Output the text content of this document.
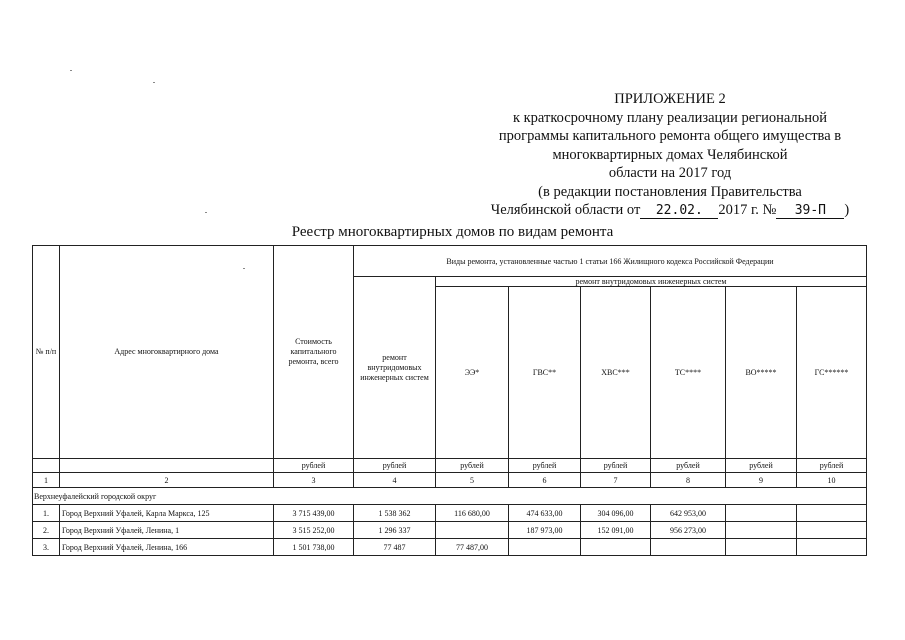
ПРИЛОЖЕНИЕ 2
к краткосрочному плану реализации региональной
программы капитального ремонта общего имущества в
многоквартирных домах Челябинской
области на 2017 год
(в редакции постановления Правительства
Челябинской области от 22.02. 2017 г. № 39-П )
Реестр многоквартирных домов по видам ремонта
№ п/п	Адрес многоквартирного дома	Стоимость капитального ремонта, всего	Виды ремонта, установленные частью 1 статьи 166 Жилищного кодекса Российской Федерации						
			ремонт внутридомовых инженерных систем	ремонт внутридомовых инженерных систем					
				ЭЭ*	ГВС**	ХВС***	ТС****	ВО*****	ГС******
		рублей	рублей	рублей	рублей	рублей	рублей	рублей	рублей
1	2	3	4	5	6	7	8	9	10
Верхнеуфалейский городской округ									
1.	Город Верхний Уфалей, Карла Маркса, 125	3 715 439,00	1 538 362	116 680,00	474 633,00	304 096,00	642 953,00		
2.	Город Верхний Уфалей, Ленина, 1	3 515 252,00	1 296 337		187 973,00	152 091,00	956 273,00		
3.	Город Верхний Уфалей, Ленина, 166	1 501 738,00	77 487	77 487,00					
